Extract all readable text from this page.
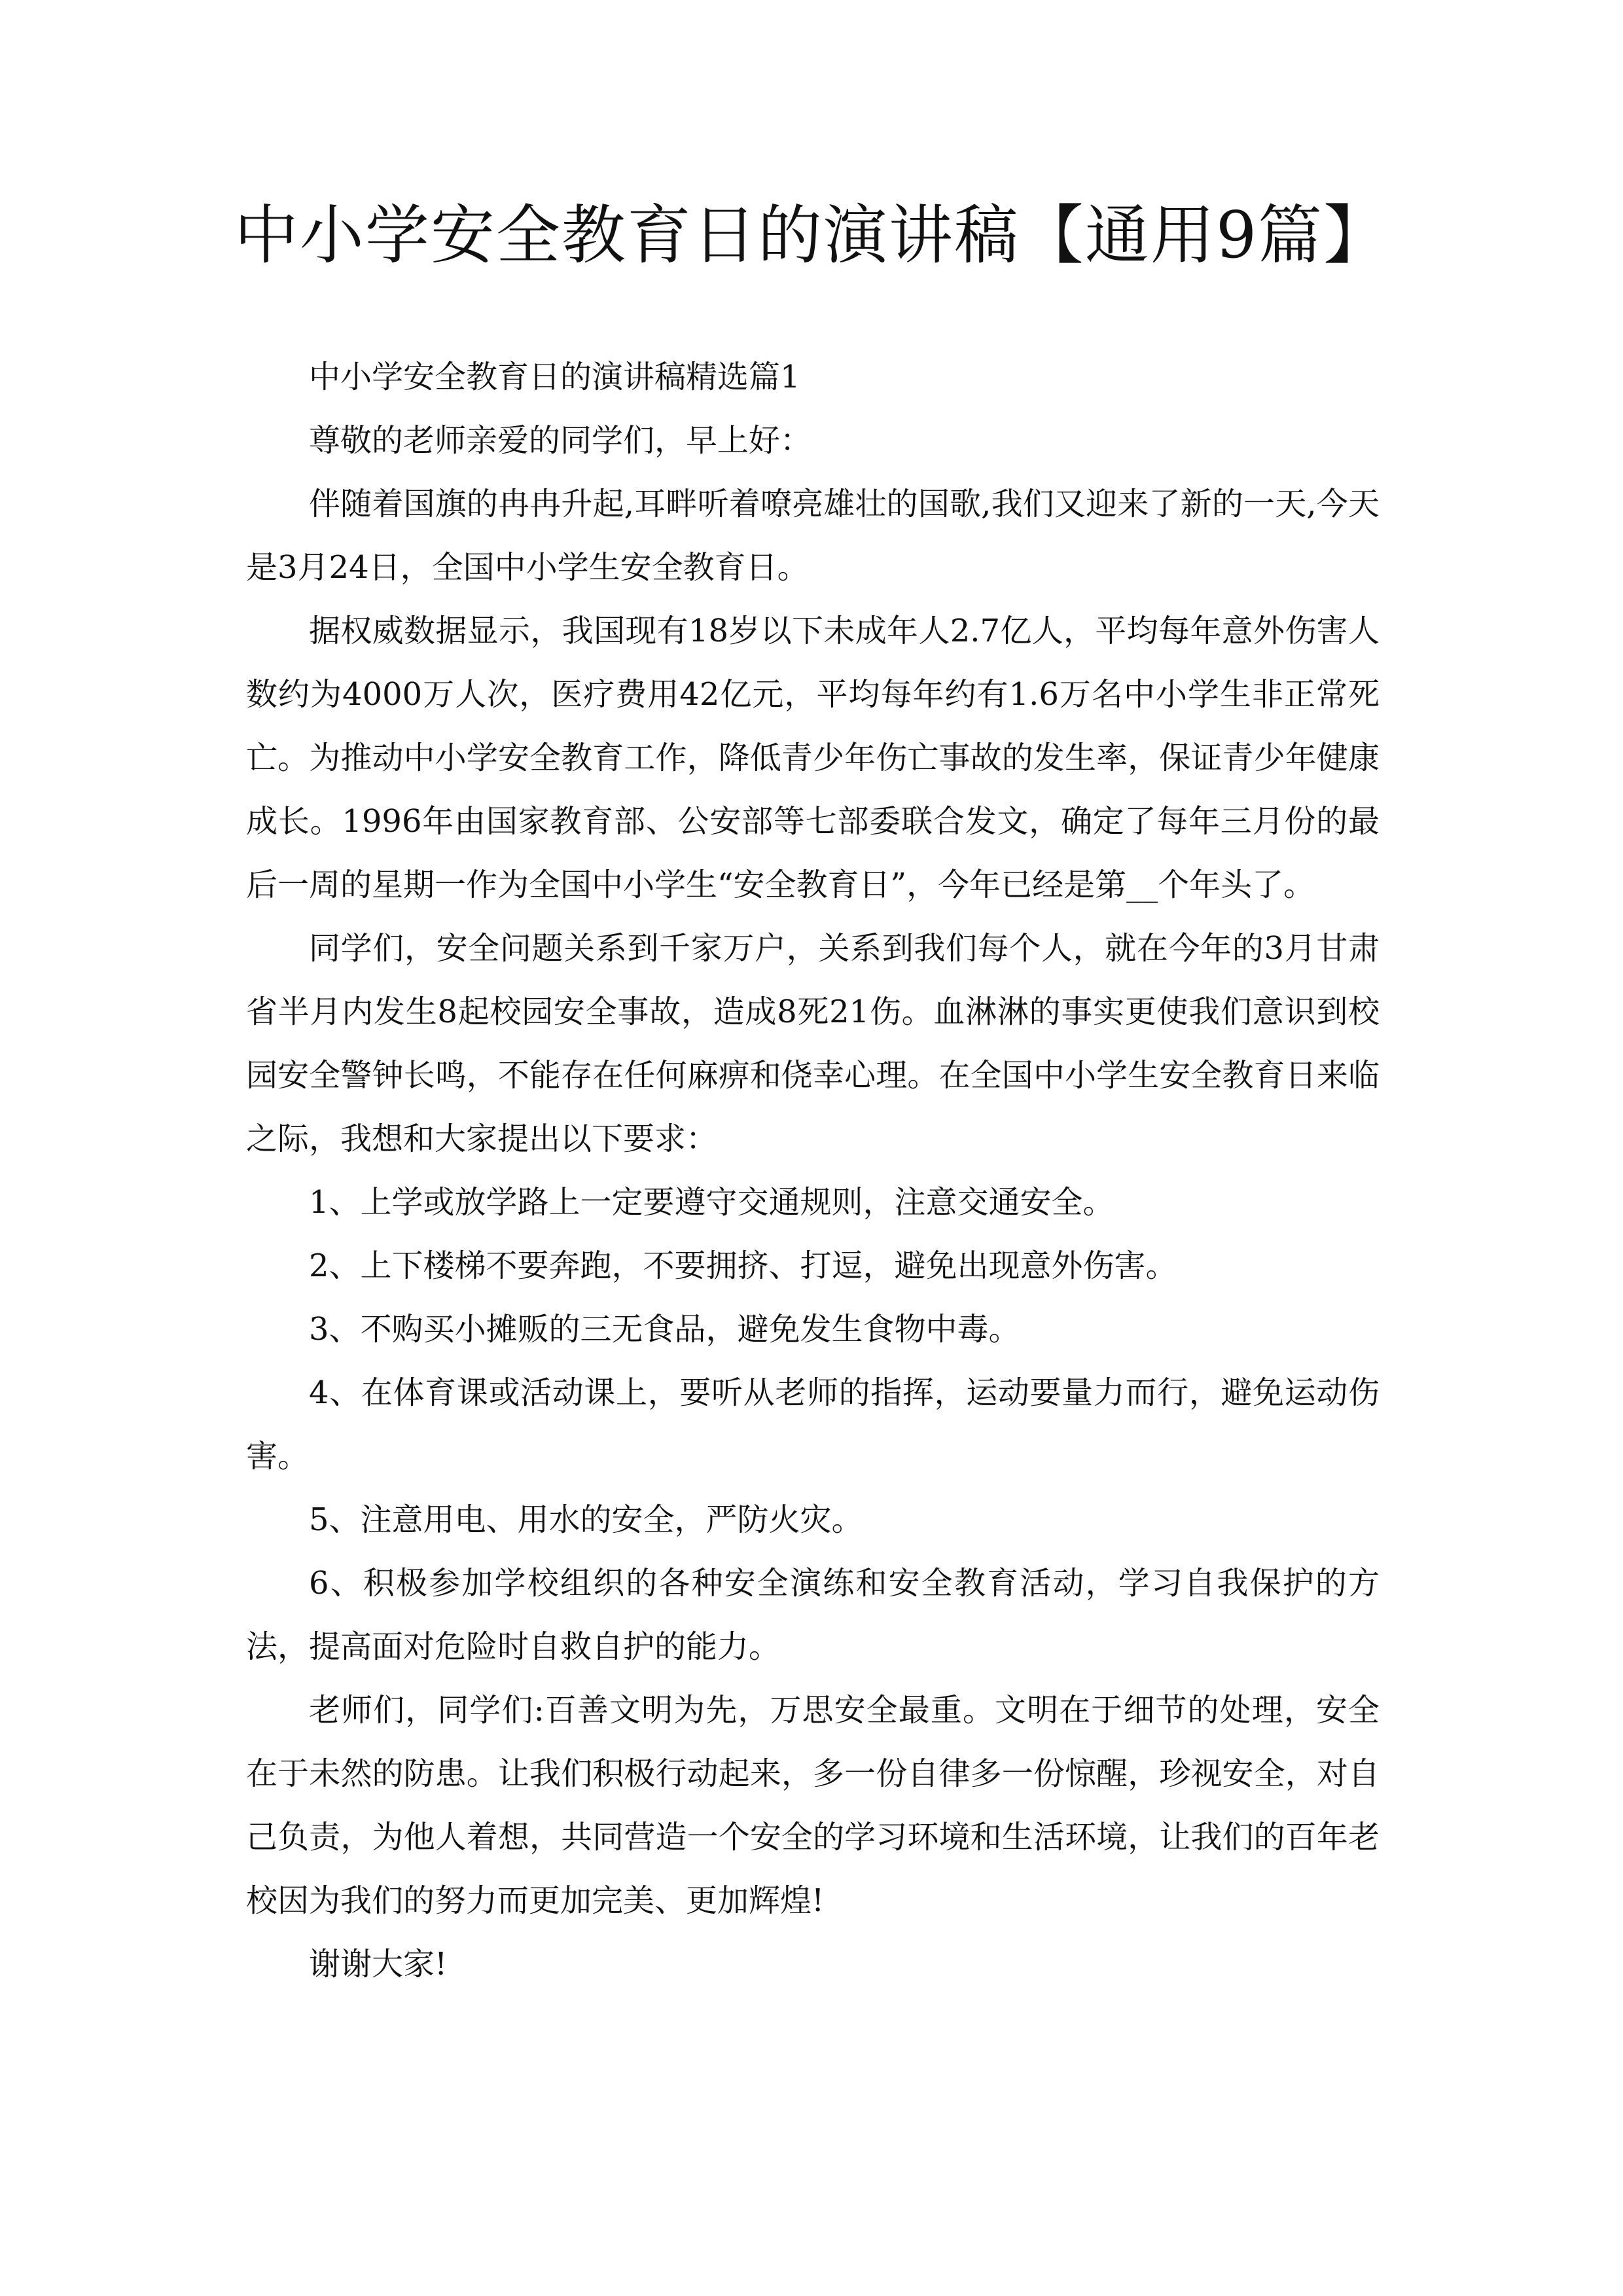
中小学安全教育日的演讲稿【通用9篇】

中小学安全教育日的演讲稿精选篇1

尊敬的老师亲爱的同学们，早上好：

伴随着国旗的冉冉升起,耳畔听着嘹亮雄壮的国歌,我们又迎来了新的一天,今天是3月24日，全国中小学生安全教育日。

据权威数据显示，我国现有18岁以下未成年人2.7亿人，平均每年意外伤害人数约为4000万人次，医疗费用42亿元，平均每年约有1.6万名中小学生非正常死亡。为推动中小学安全教育工作，降低青少年伤亡事故的发生率，保证青少年健康成长。1996年由国家教育部、公安部等七部委联合发文，确定了每年三月份的最后一周的星期一作为全国中小学生“安全教育日”，今年已经是第__个年头了。

同学们，安全问题关系到千家万户，关系到我们每个人，就在今年的3月甘肃省半月内发生8起校园安全事故，造成8死21伤。血淋淋的事实更使我们意识到校园安全警钟长鸣，不能存在任何麻痹和侥幸心理。在全国中小学生安全教育日来临之际，我想和大家提出以下要求：

1、上学或放学路上一定要遵守交通规则，注意交通安全。

2、上下楼梯不要奔跑，不要拥挤、打逗，避免出现意外伤害。

3、不购买小摊贩的三无食品，避免发生食物中毒。

4、在体育课或活动课上，要听从老师的指挥，运动要量力而行，避免运动伤害。

5、注意用电、用水的安全，严防火灾。

6、积极参加学校组织的各种安全演练和安全教育活动，学习自我保护的方法，提高面对危险时自救自护的能力。

老师们，同学们:百善文明为先，万思安全最重。文明在于细节的处理，安全在于未然的防患。让我们积极行动起来，多一份自律多一份惊醒，珍视安全，对自己负责，为他人着想，共同营造一个安全的学习环境和生活环境，让我们的百年老校因为我们的努力而更加完美、更加辉煌!

谢谢大家!
